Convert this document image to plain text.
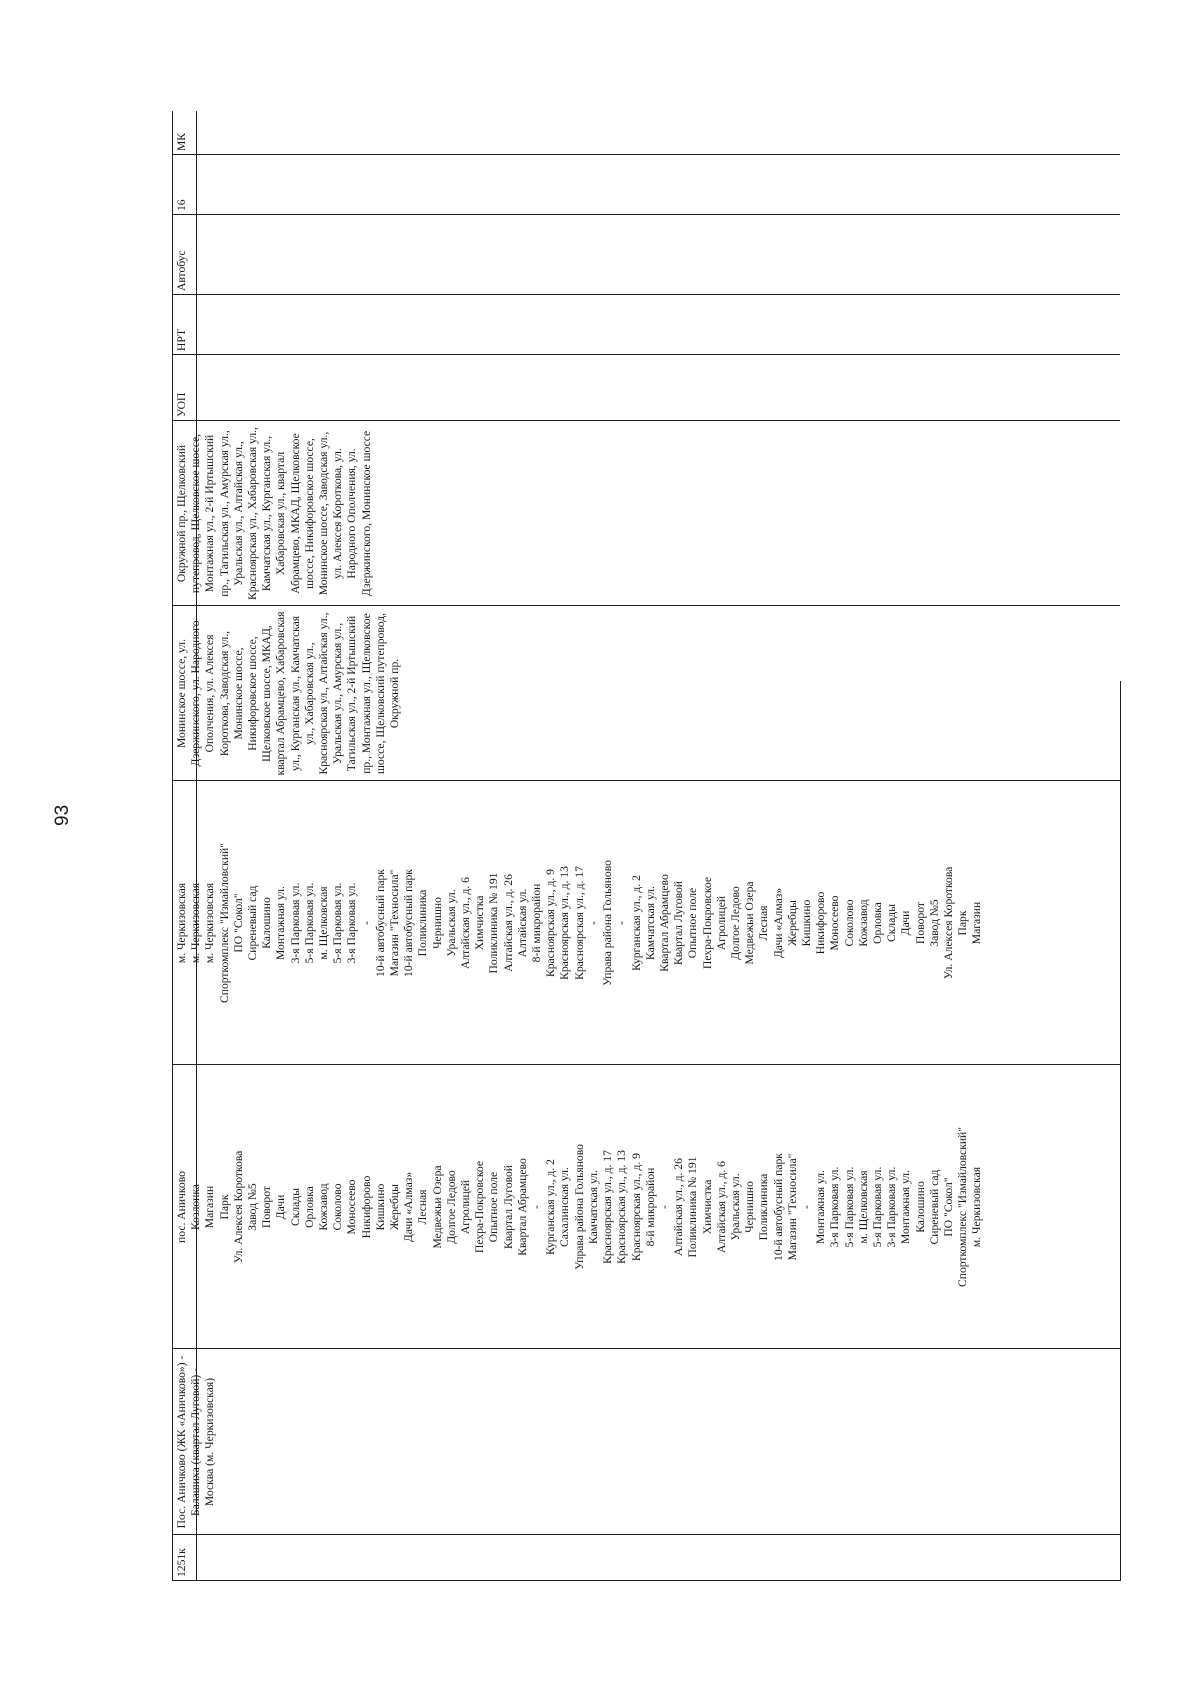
93
УОП
НРТ
Автобус
16
МК
1251к
Пос. Аничково (ЖК «Аничково») - Балашиха (квартал Луговой) - Москва (м. Черкизовская)
пос. Аничково Козлонка Магазин Парк Ул. Алексея Короткова Завод №5 Поворот Дачи Склады Орловка Кожзавод Соколово Моносеево Никифорово Кишкино Жеребцы Дачи «Алмаз» Лесная Медвежьи Озера Долгое Ледово Агролицей Пехра-Покровское Опытное поле Квартал Луговой Квартал Абрамцево - Курганская ул., д. 2 Сахалинская ул. Управа района Гольяново Камчатская ул. Красноярская ул., д. 17 Красноярская ул., д. 13 Красноярская ул., д. 9 8-й микрорайон - Алтайская ул., д. 26 Поликлиника № 191 Химчистка Алтайская ул., д. 6 Уральская ул. Чернишно Поликлиника 10-й автобусный парк Магазин "Техносила" - Монтажная ул. 3-я Парковая ул. 5-я Парковая ул. м. Щелковская 5-я Парковая ул. 3-я Парковая ул. Монтажная ул. Калошино Сиреневый сад ПО "Сокол" Спорткомплекс "Измайловский" м. Черкизовская
м. Черкизовская м. Черкизовская м. Черкизовская Спорткомплекс "Измайловский" ПО "Сокол" Сиреневый сад Калошино Монтажная ул. 3-я Парковая ул. 5-я Парковая ул. м. Щелковская 5-я Парковая ул. 3-я Парковая ул. - 10-й автобусный парк Магазин "Техносила" 10-й автобусный парк Поликлиника Чернишно Уральская ул. Алтайская ул., д. 6 Химчистка Поликлиника № 191 Алтайская ул., д. 26 Алтайская ул. 8-й микрорайон Красноярская ул., д. 9 Красноярская ул., д. 13 Красноярская ул., д. 17 - Управа района Гольяново - Курганская ул., д. 2 Камчатская ул. Квартал Абрамцево Квартал Луговой Опытное поле Пехра-Покровское Агролицей Долгое Ледово Медвежьи Озера Лесная Дачи «Алмаз» Жеребцы Кишкино Никифорово Моносеево Соколово Кожзавод Орловка Склады Дачи Поворот Завод №5 Ул. Алексея Короткова Парк Магазин
Монинское шоссе, ул. Дзержинского, ул. Народного Ополчения, ул. Алексея Короткова, Заводская ул., Монинское шоссе, Никифоровское шоссе, Щелковское шоссе, МКАД, квартал Абрамцево, Хабаровская ул., Курганская ул., Камчатская ул., Хабаровская ул., Красноярская ул., Алтайская ул., Уральская ул., Амурская ул., Тагильская ул., 2-й Иртышский пр., Монтажная ул., Щелковское шоссе, Щелковский путепровод, Окружной пр.
Окружной пр., Щелковский путепровод, Щелковское шоссе, Монтажная ул., 2-й Иртышский пр., Тагильская ул., Амурская ул., Уральская ул., Алтайская ул., Красноярская ул., Хабаровская ул., Камчатская ул., Курганская ул., Хабаровская ул., квартал Абрамцево, МКАД, Щелковское шоссе, Никифоровское шоссе, Монинское шоссе, Заводская ул., ул. Алексея Короткова, ул. Народного Ополчения, ул. Дзержинского, Монинское шоссе
